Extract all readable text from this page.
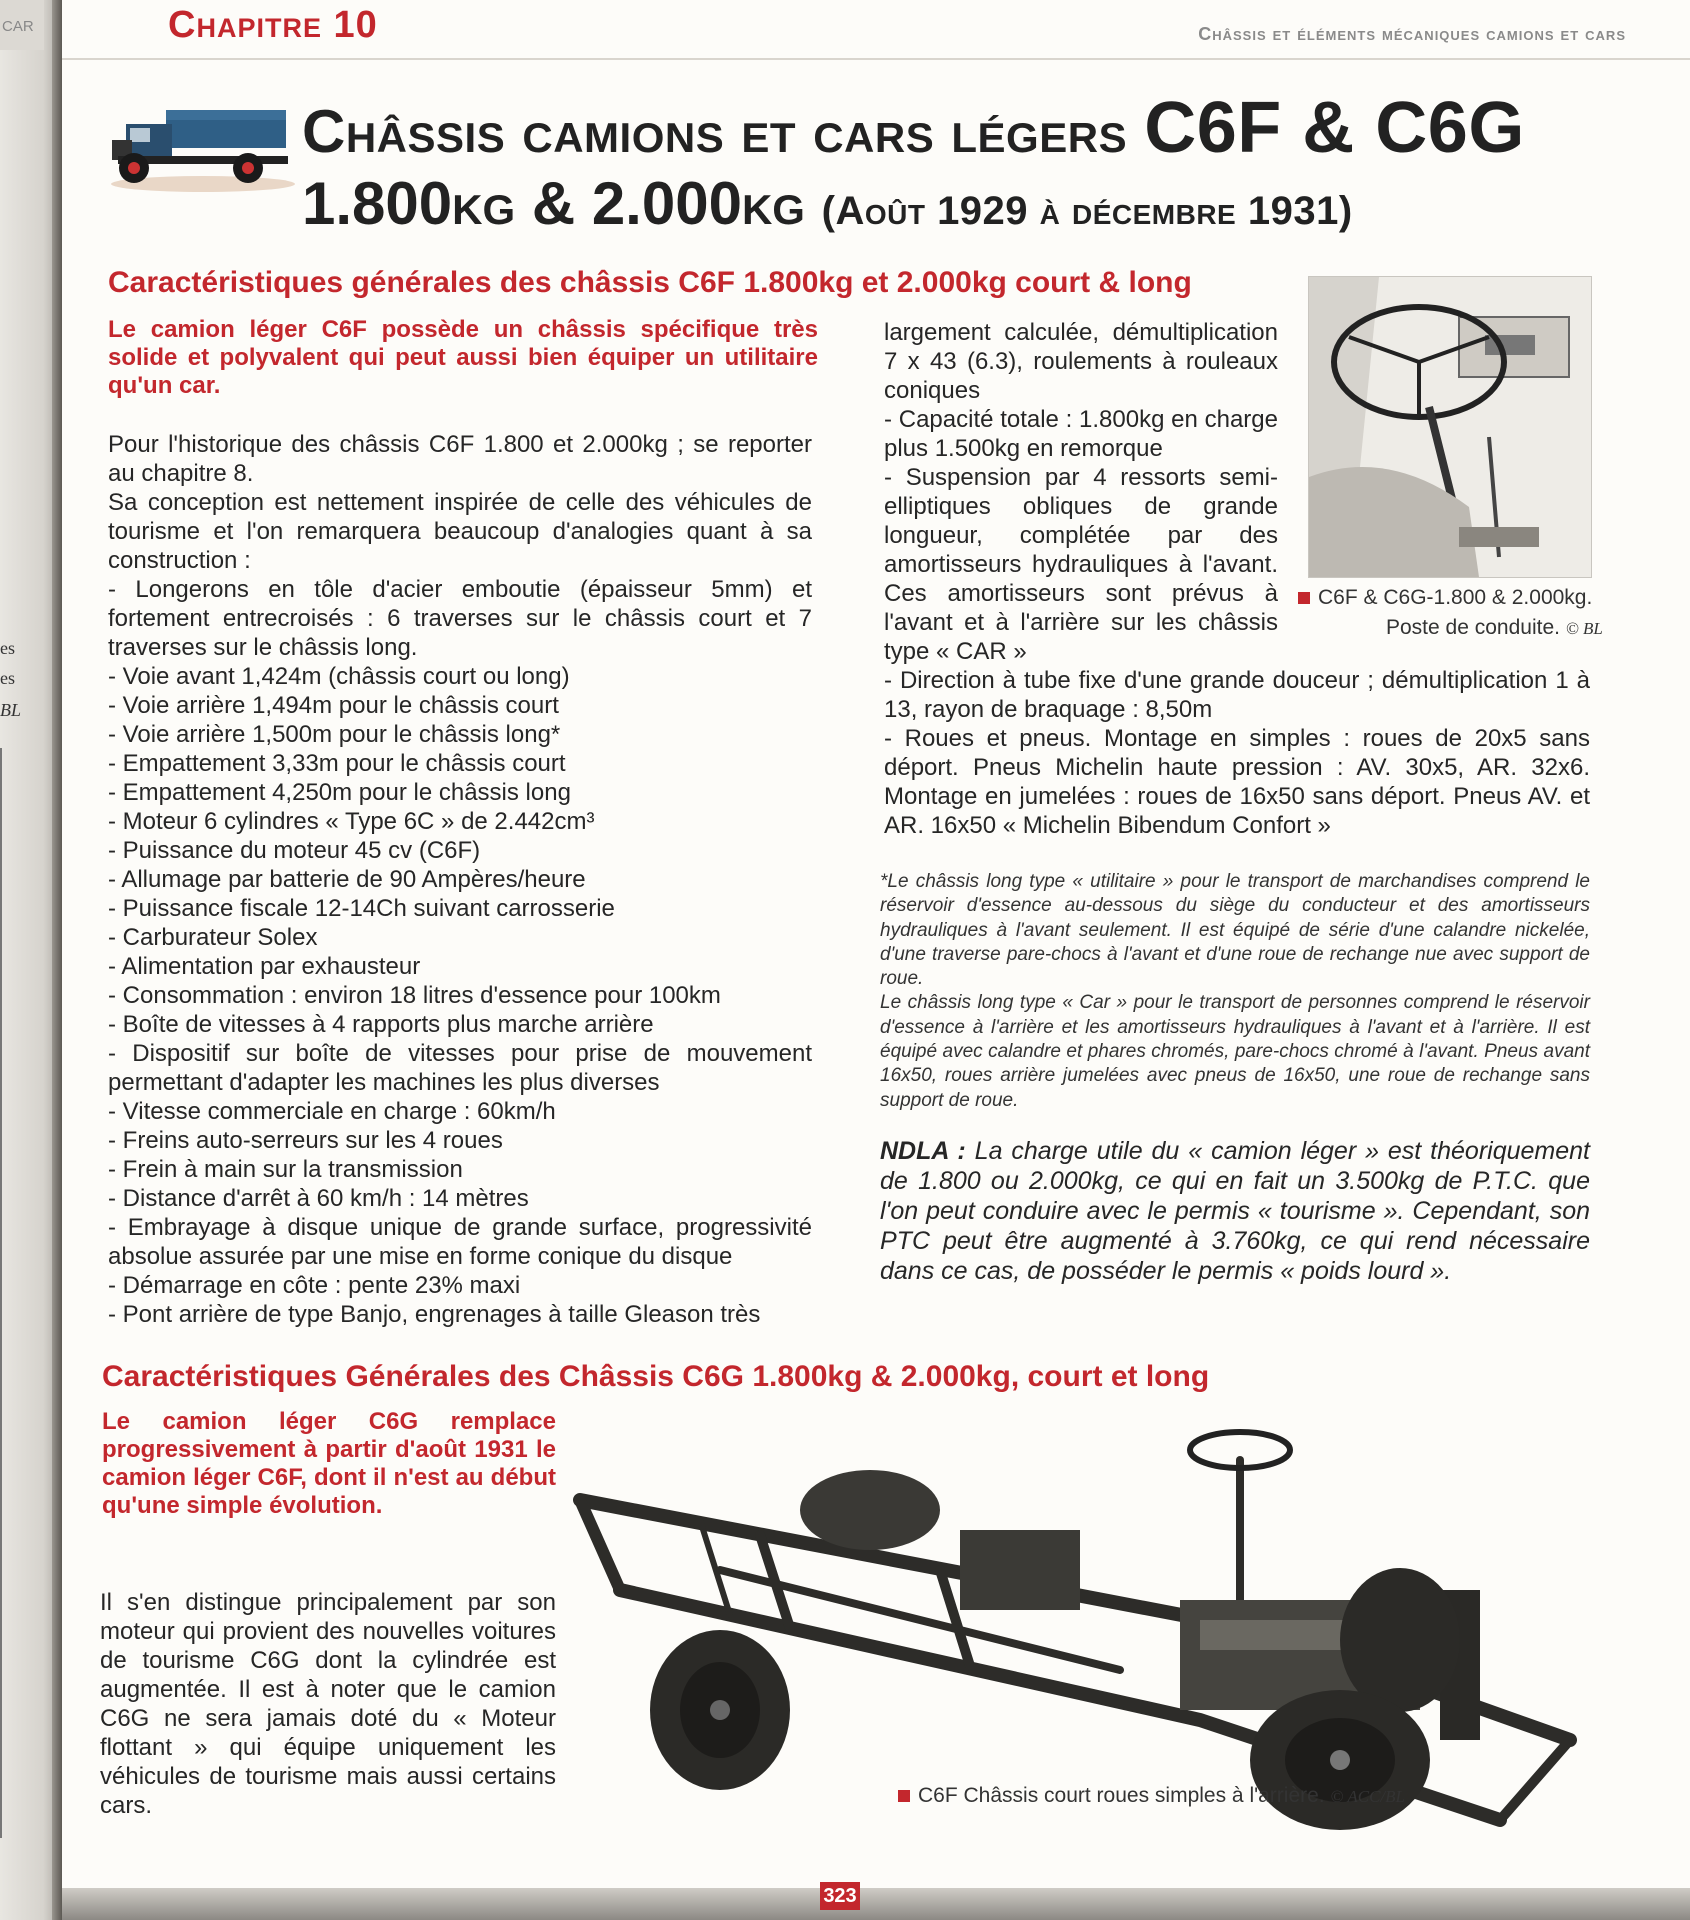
CAR
es
es
BL
Chapitre 10	Châssis et éléments mécaniques camions et cars
Châssis camions et cars légers C6F & C6G
1.800kg & 2.000kg (Août 1929 à décembre 1931)
Caractéristiques générales des châssis C6F 1.800kg et 2.000kg court & long
Le camion léger C6F possède un châssis spécifique très solide et polyvalent qui peut aussi bien équiper un utilitaire qu'un car.

Pour l'historique des châssis C6F 1.800 et 2.000kg ; se reporter au chapitre 8.

Sa conception est nettement inspirée de celle des véhicules de tourisme et l'on remarquera beaucoup d'analogies quant à sa construction :

- Longerons en tôle d'acier emboutie (épaisseur 5mm) et fortement entrecroisés : 6 traverses sur le châssis court et 7 traverses sur le châssis long.
- Voie avant 1,424m (châssis court ou long)
- Voie arrière 1,494m pour le châssis court
- Voie arrière 1,500m pour le châssis long*
- Empattement 3,33m pour le châssis court
- Empattement 4,250m pour le châssis long
- Moteur 6 cylindres « Type 6C » de 2.442cm³
- Puissance du moteur 45 cv (C6F)
- Allumage par batterie de 90 Ampères/heure
- Puissance fiscale 12-14Ch suivant carrosserie
- Carburateur Solex
- Alimentation par exhausteur
- Consommation : environ 18 litres d'essence pour 100km
- Boîte de vitesses à 4 rapports plus marche arrière
- Dispositif sur boîte de vitesses pour prise de mouvement permettant d'adapter les machines les plus diverses
- Vitesse commerciale en charge : 60km/h
- Freins auto-serreurs sur les 4 roues
- Frein à main sur la transmission
- Distance d'arrêt à 60 km/h : 14 mètres
- Embrayage à disque unique de grande surface, progressivité absolue assurée par une mise en forme conique du disque
- Démarrage en côte : pente 23% maxi
- Pont arrière de type Banjo, engrenages à taille Gleason très

largement calculée, démultiplication 7 x 43 (6.3), roulements à rouleaux coniques

- Capacité totale : 1.800kg en charge plus 1.500kg en remorque
- Suspension par 4 ressorts semi-elliptiques obliques de grande longueur, complétée par des amortisseurs hydrauliques à l'avant. Ces amortisseurs sont prévus à l'avant et à l'arrière sur les châssis type « CAR »
- Direction à tube fixe d'une grande douceur ; démultiplication 1 à 13, rayon de braquage : 8,50m
- Roues et pneus. Montage en simples : roues de 20x5 sans déport. Pneus Michelin haute pression : AV. 30x5, AR. 32x6. Montage en jumelées : roues de 16x50 sans déport. Pneus AV. et AR. 16x50 « Michelin Bibendum Confort »
C6F & C6G-1.800 & 2.000kg.
Poste de conduite. © BL
*Le châssis long type « utilitaire » pour le transport de marchandises comprend le réservoir d'essence au-dessous du siège du conducteur et des amortisseurs hydrauliques à l'avant seulement. Il est équipé de série d'une calandre nickelée, d'une traverse pare-chocs à l'avant et d'une roue de rechange nue avec support de roue.
Le châssis long type « Car » pour le transport de personnes comprend le réservoir d'essence à l'arrière et les amortisseurs hydrauliques à l'avant et à l'arrière. Il est équipé avec calandre et phares chromés, pare-chocs chromé à l'avant. Pneus avant 16x50, roues arrière jumelées avec pneus de 16x50, une roue de rechange sans support de roue.
NDLA : La charge utile du « camion léger » est théoriquement de 1.800 ou 2.000kg, ce qui en fait un 3.500kg de P.T.C. que l'on peut conduire avec le permis « tourisme ». Cependant, son PTC peut être augmenté à 3.760kg, ce qui rend nécessaire dans ce cas, de posséder le permis « poids lourd ».
Caractéristiques Générales des Châssis C6G 1.800kg & 2.000kg, court et long
Le camion léger C6G remplace progressivement à partir d'août 1931 le camion léger C6F, dont il n'est au début qu'une simple évolution.
Il s'en distingue principalement par son moteur qui provient des nouvelles voitures de tourisme C6G dont la cylindrée est augmentée. Il est à noter que le camion C6G ne sera jamais doté du « Moteur flottant » qui équipe uniquement les véhicules de tourisme mais aussi certains cars.	C6F Châssis court roues simples à l'arrière. © ACC/BL
323
